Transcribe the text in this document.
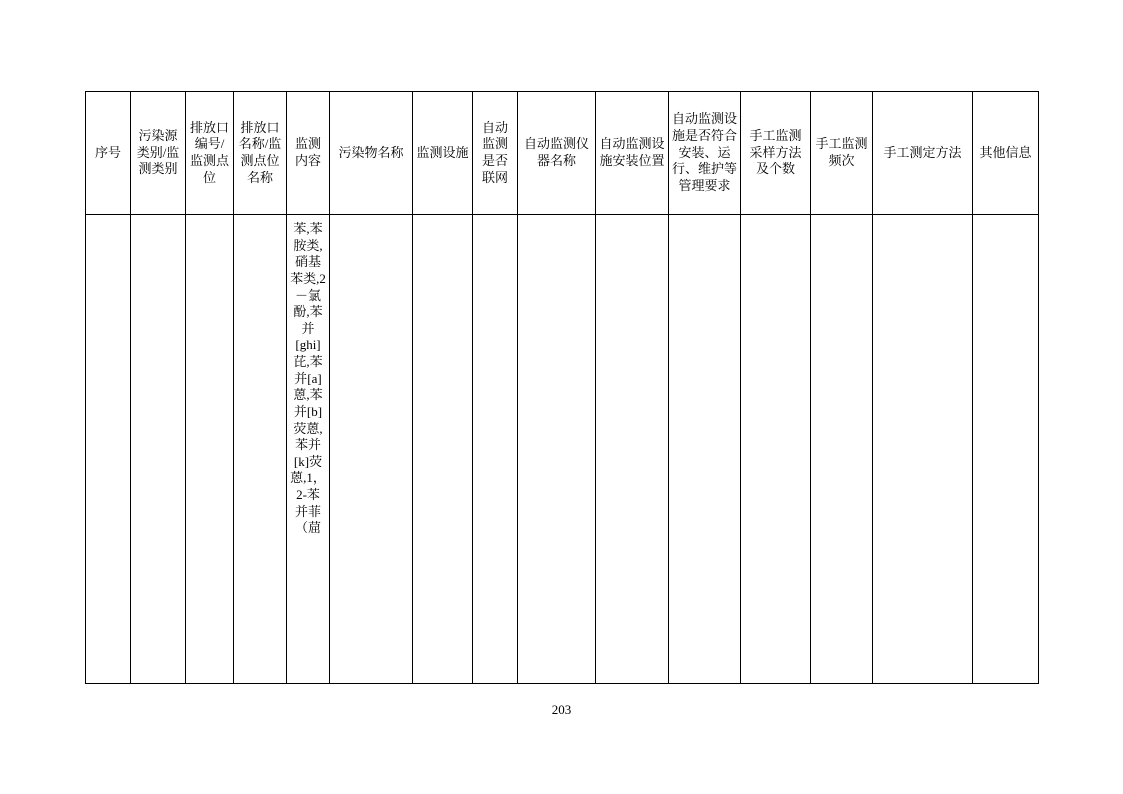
序号	污染源类别/监测类别	排放口编号/监测点位	排放口名称/监测点位名称	监测内容	污染物名称	监测设施	自动监测是否联网	自动监测仪器名称	自动监测设施安装位置	自动监测设施是否符合安装、运行、维护等管理要求	手工监测采样方法及个数	手工监测频次	手工测定方法	其他信息
				苯,苯胺类,硝基苯类,2－氯酚,苯并[ghi]芘,苯并[a]蒽,苯并[b]荧蒽,苯并[k]荧蒽,1，2-苯并菲（䓛										
203
